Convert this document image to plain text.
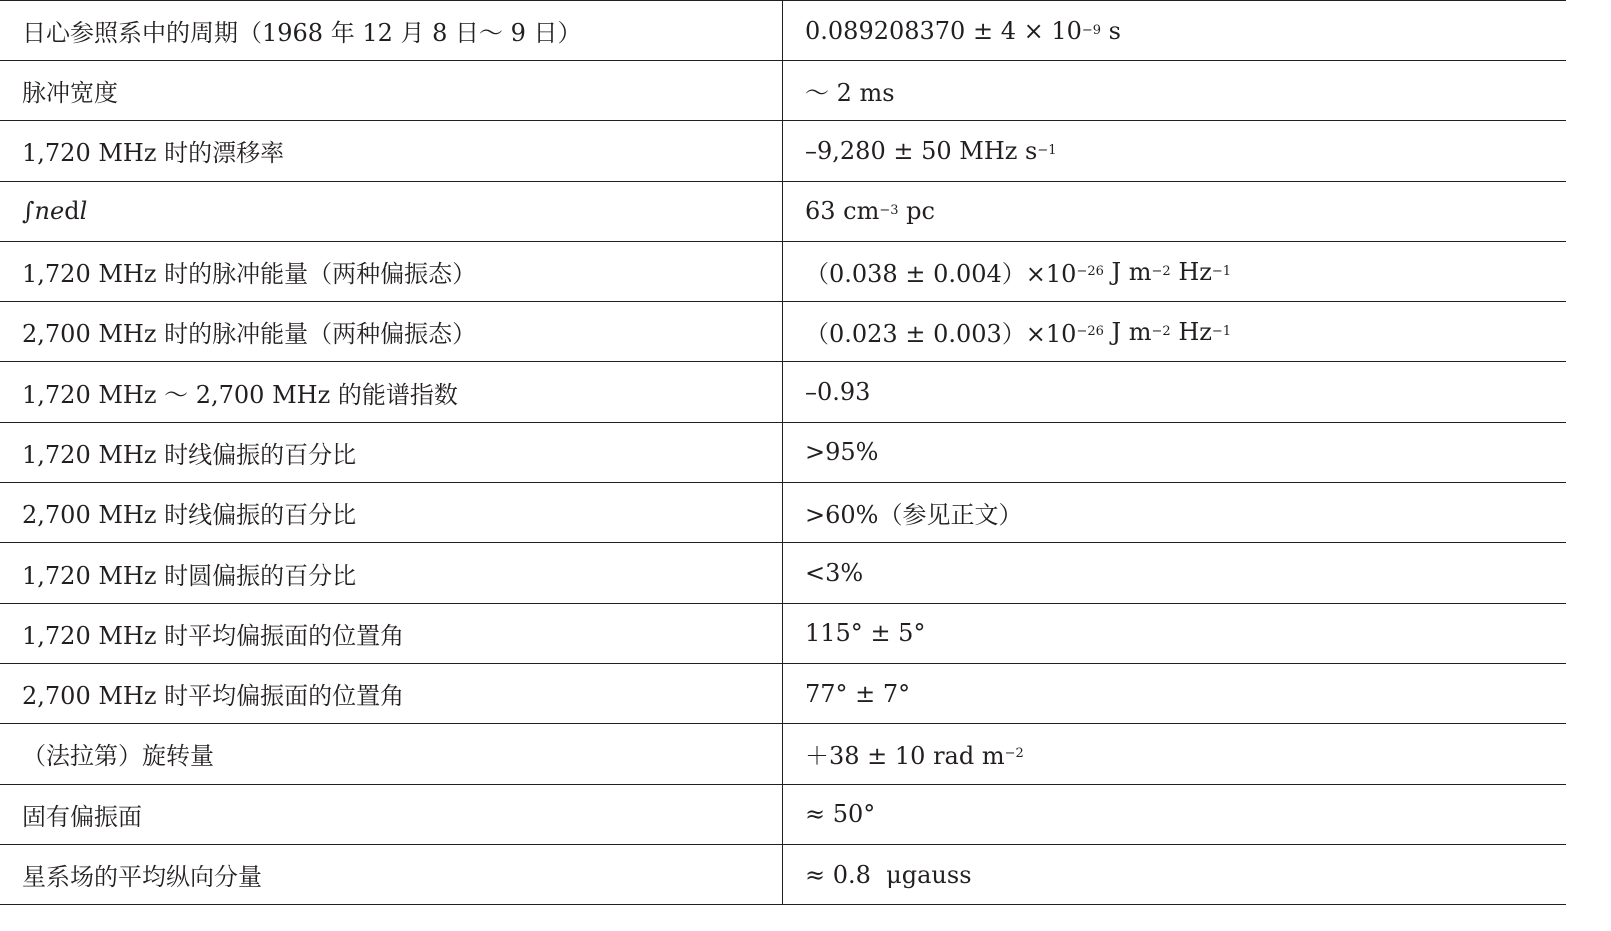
日心参照系中的周期（1968 年 12 月 8 日～ 9 日）	0.089208370 ± 4 × 10 −9 s
脉冲宽度	～ 2 ms
1,720 MHz 时的漂移率	–9,280 ± 50 MHz s −1
∫ ne d l	63 cm −3 pc
1,720 MHz 时的脉冲能量（两种偏振态）	（0.038 ± 0.004）×10 −26 J m −2 Hz −1
2,700 MHz 时的脉冲能量（两种偏振态）	（0.023 ± 0.003）×10 −26 J m −2 Hz −1
1,720 MHz ～ 2,700 MHz 的能谱指数	–0.93
1,720 MHz 时线偏振的百分比	>95%
2,700 MHz 时线偏振的百分比	>60%（参见正文）
1,720 MHz 时圆偏振的百分比	<3%
1,720 MHz 时平均偏振面的位置角	115° ± 5°
2,700 MHz 时平均偏振面的位置角	77° ± 7°
（法拉第）旋转量	＋38 ± 10 rad m −2
固有偏振面	≈ 50°
星系场的平均纵向分量	≈ 0.8  μgauss
